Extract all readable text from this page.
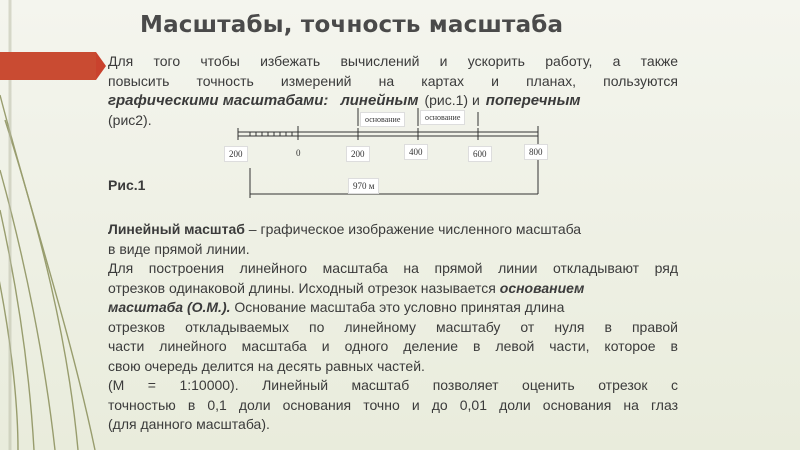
Масштабы, точность масштаба
Для того чтобы избежать вычислений и ускорить работу, а также
повысить точность измерений на картах и планах, пользуются
графическими масштабами: линейным (рис.1) и поперечным
(рис2).	основание	основание
200	0	200	400	600	800
970 м
Рис.1
Линейный масштаб – графическое изображение численного масштаба
в виде прямой линии.
Для построения линейного масштаба на прямой линии откладывают ряд
отрезков одинаковой длины. Исходный отрезок называется основанием
масштаба (О.М.). Основание масштаба это условно принятая длина
отрезков откладываемых по линейному масштабу от нуля в правой
части линейного масштаба и одного деление в левой части, которое в
свою очередь делится на десять равных частей.
(М = 1:10000). Линейный масштаб позволяет оценить отрезок с
точностью в 0,1 доли основания точно и до 0,01 доли основания на глаз
(для данного масштаба).
